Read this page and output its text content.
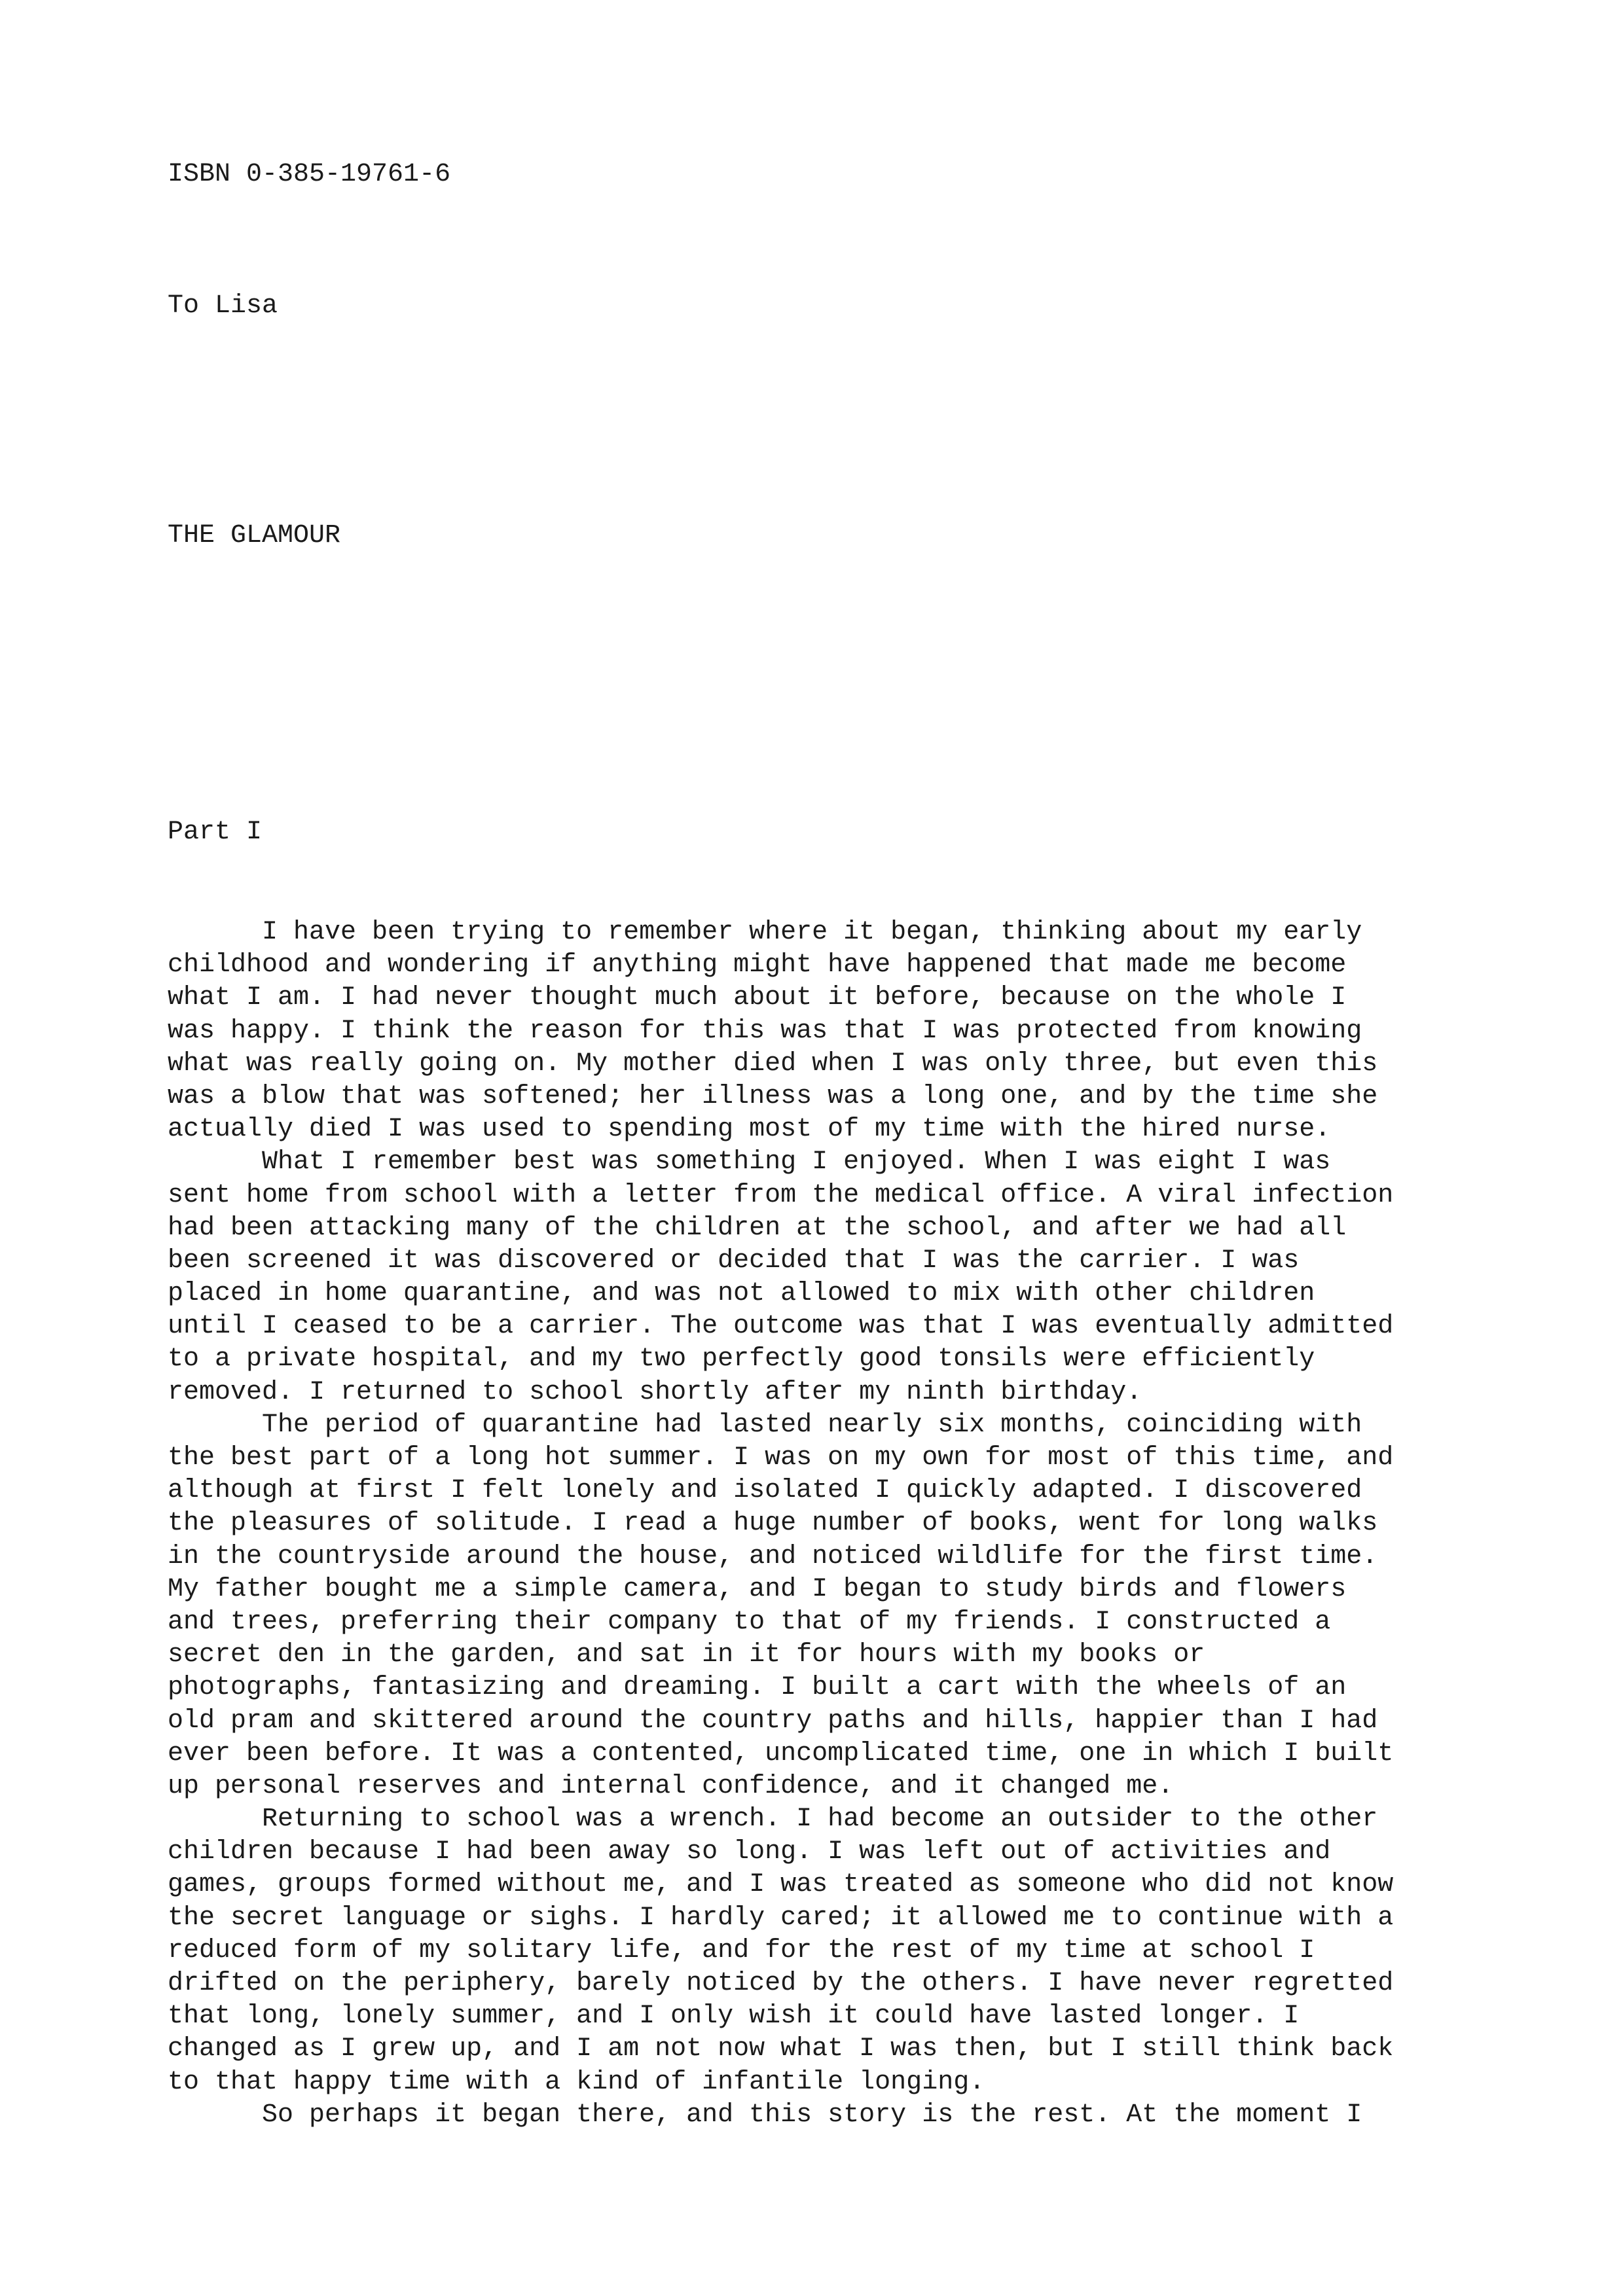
ISBN 0-385-19761-6
To Lisa
THE GLAMOUR
Part I
I have been trying to remember where it began, thinking about my early
childhood and wondering if anything might have happened that made me become
what I am. I had never thought much about it before, because on the whole I
was happy. I think the reason for this was that I was protected from knowing
what was really going on. My mother died when I was only three, but even this
was a blow that was softened; her illness was a long one, and by the time she
actually died I was used to spending most of my time with the hired nurse.
What I remember best was something I enjoyed. When I was eight I was
sent home from school with a letter from the medical office. A viral infection
had been attacking many of the children at the school, and after we had all
been screened it was discovered or decided that I was the carrier. I was
placed in home quarantine, and was not allowed to mix with other children
until I ceased to be a carrier. The outcome was that I was eventually admitted
to a private hospital, and my two perfectly good tonsils were efficiently
removed. I returned to school shortly after my ninth birthday.
The period of quarantine had lasted nearly six months, coinciding with
the best part of a long hot summer. I was on my own for most of this time, and
although at first I felt lonely and isolated I quickly adapted. I discovered
the pleasures of solitude. I read a huge number of books, went for long walks
in the countryside around the house, and noticed wildlife for the first time.
My father bought me a simple camera, and I began to study birds and flowers
and trees, preferring their company to that of my friends. I constructed a
secret den in the garden, and sat in it for hours with my books or
photographs, fantasizing and dreaming. I built a cart with the wheels of an
old pram and skittered around the country paths and hills, happier than I had
ever been before. It was a contented, uncomplicated time, one in which I built
up personal reserves and internal confidence, and it changed me.
Returning to school was a wrench. I had become an outsider to the other
children because I had been away so long. I was left out of activities and
games, groups formed without me, and I was treated as someone who did not know
the secret language or sighs. I hardly cared; it allowed me to continue with a
reduced form of my solitary life, and for the rest of my time at school I
drifted on the periphery, barely noticed by the others. I have never regretted
that long, lonely summer, and I only wish it could have lasted longer. I
changed as I grew up, and I am not now what I was then, but I still think back
to that happy time with a kind of infantile longing.
So perhaps it began there, and this story is the rest. At the moment I
